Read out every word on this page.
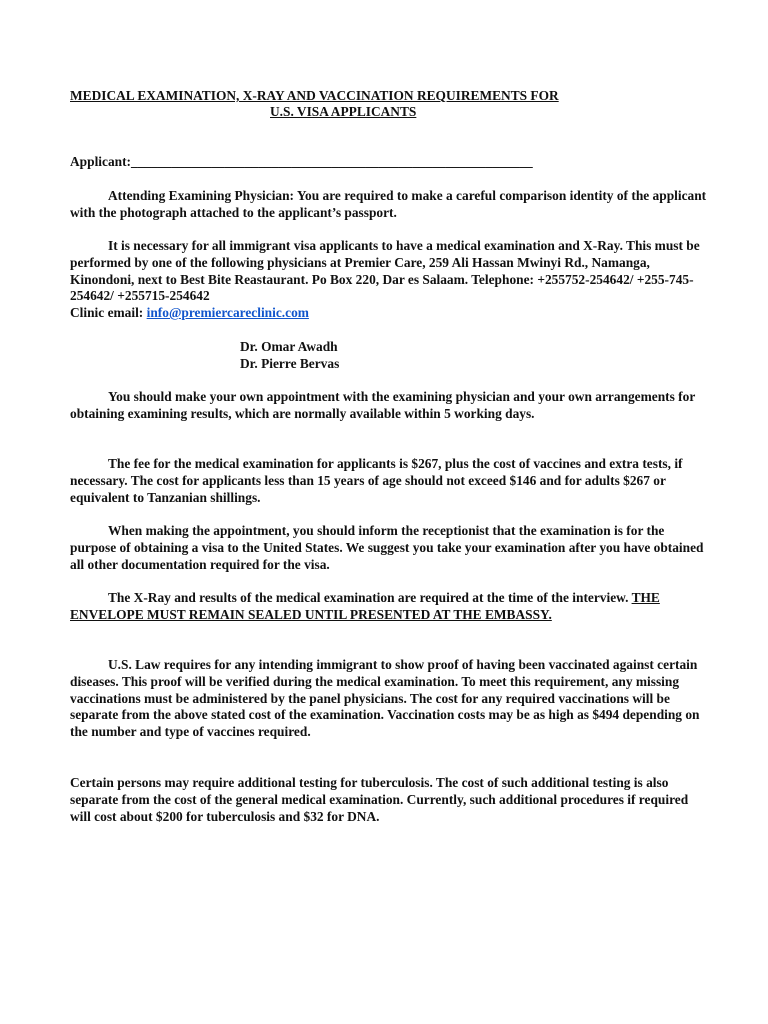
MEDICAL EXAMINATION, X-RAY AND VACCINATION REQUIREMENTS FOR
U.S. VISA APPLICANTS
Applicant:____________________________________________________________

Attending Examining Physician: You are required to make a careful comparison identity of the applicant with the photograph attached to the applicant’s passport.

It is necessary for all immigrant visa applicants to have a medical examination and X-Ray. This must be performed by one of the following physicians at Premier Care, 259 Ali Hassan Mwinyi Rd., Namanga, Kinondoni, next to Best Bite Reastaurant. Po Box 220, Dar es Salaam. Telephone: +255752-254642/ +255-745-254642/ +255715-254642
Clinic email: info@premiercareclinic.com
Dr. Omar Awadh
Dr. Pierre Bervas

You should make your own appointment with the examining physician and your own arrangements for obtaining examining results, which are normally available within 5 working days.

The fee for the medical examination for applicants is $267, plus the cost of vaccines and extra tests, if necessary. The cost for applicants less than 15 years of age should not exceed $146 and for adults $267 or equivalent to Tanzanian shillings.

When making the appointment, you should inform the receptionist that the examination is for the purpose of obtaining a visa to the United States. We suggest you take your examination after you have obtained all other documentation required for the visa.

The X-Ray and results of the medical examination are required at the time of the interview. THE ENVELOPE MUST REMAIN SEALED UNTIL PRESENTED AT THE EMBASSY.

U.S. Law requires for any intending immigrant to show proof of having been vaccinated against certain diseases. This proof will be verified during the medical examination. To meet this requirement, any missing vaccinations must be administered by the panel physicians. The cost for any required vaccinations will be separate from the above stated cost of the examination. Vaccination costs may be as high as $494 depending on the number and type of vaccines required.

Certain persons may require additional testing for tuberculosis. The cost of such additional testing is also separate from the cost of the general medical examination. Currently, such additional procedures if required will cost about $200 for tuberculosis and $32 for DNA.
